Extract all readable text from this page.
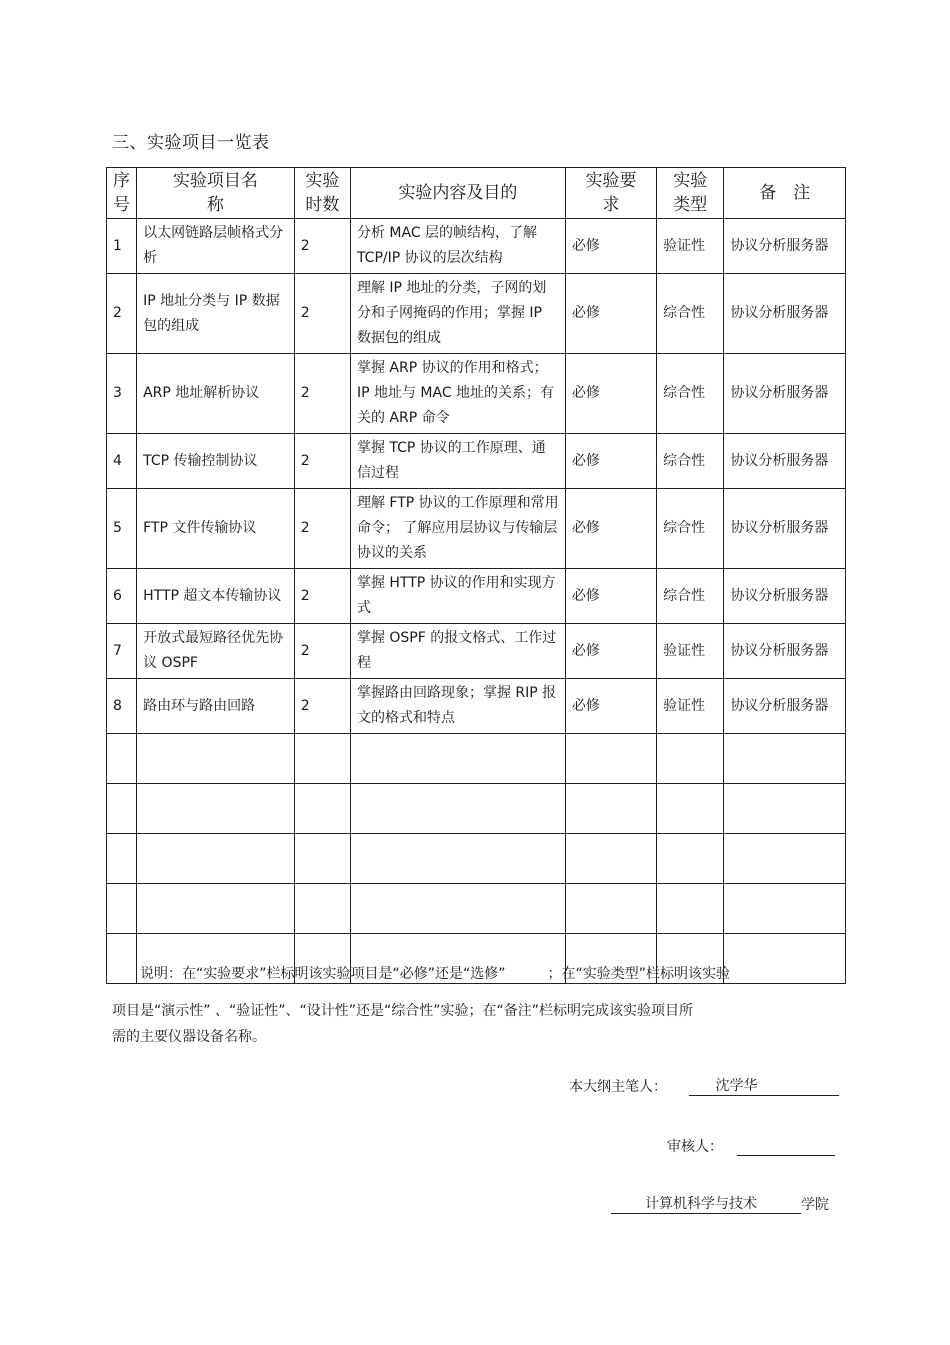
三、实验项目一览表
序号	实验项目名称	实验时数	实验内容及目的	实验要求	实验类型	备　注
1	以太网链路层帧格式分析	2	分析 MAC 层的帧结构，了解 TCP/IP 协议的层次结构	必修	验证性	协议分析服务器
2	IP 地址分类与 IP 数据包的组成	2	理解 IP 地址的分类，子网的划分和子网掩码的作用；掌握 IP 数据包的组成	必修	综合性	协议分析服务器
3	ARP 地址解析协议	2	掌握 ARP 协议的作用和格式；IP 地址与 MAC 地址的关系；有关的 ARP 命令	必修	综合性	协议分析服务器
4	TCP 传输控制协议	2	掌握 TCP 协议的工作原理、通信过程	必修	综合性	协议分析服务器
5	FTP 文件传输协议	2	理解 FTP 协议的工作原理和常用命令； 了解应用层协议与传输层协议的关系	必修	综合性	协议分析服务器
6	HTTP 超文本传输协议	2	掌握 HTTP 协议的作用和实现方式	必修	综合性	协议分析服务器
7	开放式最短路径优先协议 OSPF	2	掌握 OSPF 的报文格式、工作过程	必修	验证性	协议分析服务器
8	路由环与路由回路	2	掌握路由回路现象；掌握 RIP 报文的格式和特点	必修	验证性	协议分析服务器

说明：在“实验要求”栏标明该实验项目是“必修”还是“选修”　　　；在“实验类型”栏标明该实验
项目是“演示性” 、“验证性”、“设计性”还是“综合性”实验；在“备注”栏标明完成该实验项目所
需的主要仪器设备名称。
本大纲主笔人：	沈学华
审核人：
计算机科学与技术	学院
